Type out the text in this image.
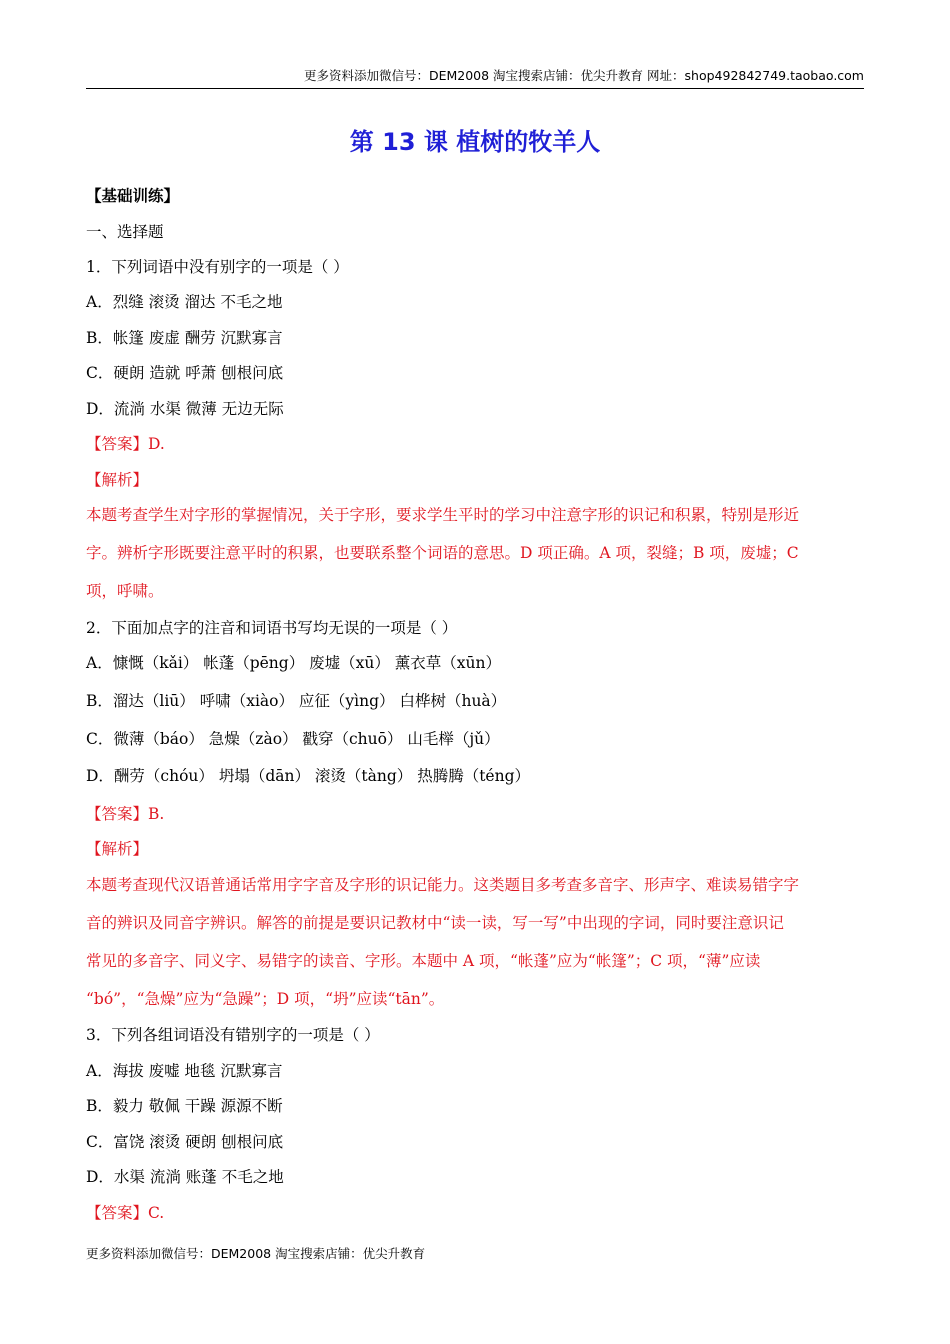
更多资料添加微信号：DEM2008 淘宝搜索店铺：优尖升教育 网址：shop492842749.taobao.com
第 13 课 植树的牧羊人
【基础训练】
一、选择题
1．下列词语中没有别字的一项是（ ）
A．烈缝 滚烫 溜达 不毛之地
B．帐篷 废虚 酬劳 沉默寡言
C．硬朗 造就 呼萧 刨根问底
D．流淌 水渠 微薄 无边无际
【答案】D.
【解析】
本题考查学生对字形的掌握情况，关于字形，要求学生平时的学习中注意字形的识记和积累，特别是形近
字。辨析字形既要注意平时的积累，也要联系整个词语的意思。D 项正确。A 项，裂缝；B 项，废墟；C
项，呼啸。
2．下面加点字的注音和词语书写均无误的一项是（ ）
A．慷慨（kǎi） 帐蓬（pēng） 废墟（xū） 薰衣草（xūn）
B．溜达（liū） 呼啸（xiào） 应征（yìng） 白桦树（huà）
C．微薄（báo） 急燥（zào） 戳穿（chuō） 山毛榉（jǔ）
D．酬劳（chóu） 坍塌（dān） 滚烫（tàng） 热腾腾（téng）
【答案】B.
【解析】
本题考查现代汉语普通话常用字字音及字形的识记能力。这类题目多考查多音字、形声字、难读易错字字
音的辨识及同音字辨识。解答的前提是要识记教材中“读一读，写一写”中出现的字词，同时要注意识记
常见的多音字、同义字、易错字的读音、字形。本题中 A 项，“帐蓬”应为“帐篷”；C 项，“薄”应读
“bó”，“急燥”应为“急躁”；D 项，“坍”应读“tān”。
3．下列各组词语没有错别字的一项是（ ）
A．海拔 废嘘 地毯 沉默寡言
B．毅力 敬佩 干躁 源源不断
C．富饶 滚烫 硬朗 刨根问底
D．水渠 流淌 账蓬 不毛之地
【答案】C.
更多资料添加微信号：DEM2008 淘宝搜索店铺：优尖升教育
